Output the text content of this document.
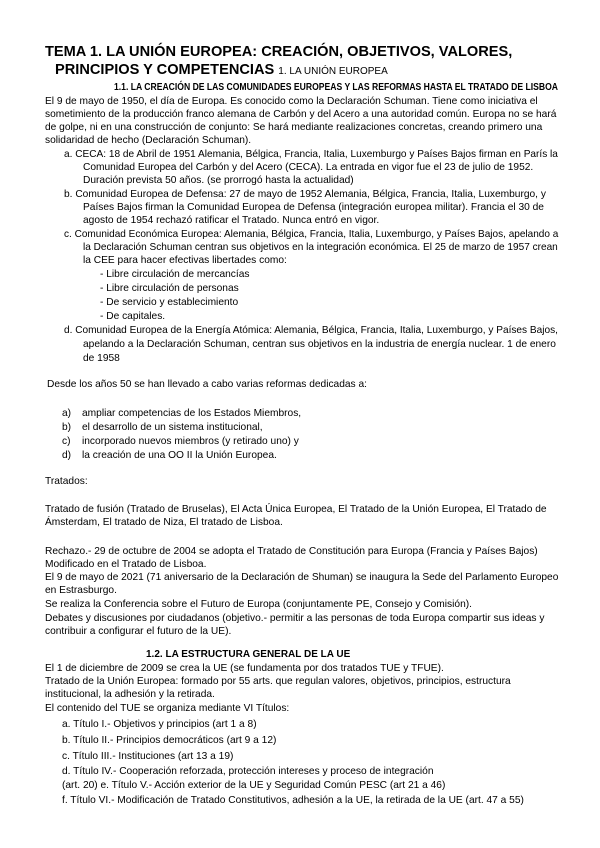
TEMA 1. LA UNIÓN EUROPEA: CREACIÓN, OBJETIVOS, VALORES,
PRINCIPIOS Y COMPETENCIAS 1. LA UNIÓN EUROPEA
1.1. LA CREACIÓN DE LAS COMUNIDADES EUROPEAS Y LAS REFORMAS HASTA EL TRATADO DE LISBOA
El 9 de mayo de 1950, el día de Europa. Es conocido como la Declaración Schuman. Tiene como iniciativa el
sometimiento de la producción franco alemana de Carbón y del Acero a una autoridad común. Europa no se hará
de golpe, ni en una construcción de conjunto: Se hará mediante realizaciones concretas, creando primero una
solidaridad de hecho (Declaración Schuman).
a. CECA: 18 de Abril de 1951 Alemania, Bélgica, Francia, Italia, Luxemburgo y Países Bajos firman en París la
Comunidad Europea del Carbón y del Acero (CECA). La entrada en vigor fue el 23 de julio de 1952.
Duración prevista 50 años. (se prorrogó hasta la actualidad)
b. Comunidad Europea de Defensa: 27 de mayo de 1952 Alemania, Bélgica, Francia, Italia, Luxemburgo, y
Países Bajos firman la Comunidad Europea de Defensa (integración europea militar). Francia el 30 de
agosto de 1954 rechazó ratificar el Tratado. Nunca entró en vigor.
c. Comunidad Económica Europea: Alemania, Bélgica, Francia, Italia, Luxemburgo, y Países Bajos, apelando a
la Declaración Schuman centran sus objetivos en la integración económica. El 25 de marzo de 1957 crean
la CEE para hacer efectivas libertades como:
- Libre circulación de mercancías
- Libre circulación de personas
- De servicio y establecimiento
- De capitales.
d. Comunidad Europea de la Energía Atómica: Alemania, Bélgica, Francia, Italia, Luxemburgo, y Países Bajos,
apelando a la Declaración Schuman, centran sus objetivos en la industria de energía nuclear. 1 de enero
de 1958
Desde los años 50 se han llevado a cabo varias reformas dedicadas a:
a) ampliar competencias de los Estados Miembros,
b) el desarrollo de un sistema institucional,
c) incorporado nuevos miembros (y retirado uno) y
d) la creación de una OO II la Unión Europea.
Tratados:
Tratado de fusión (Tratado de Bruselas), El Acta Única Europea, El Tratado de la Unión Europea, El Tratado de
Ámsterdam, El tratado de Niza, El tratado de Lisboa.
Rechazo.- 29 de octubre de 2004 se adopta el Tratado de Constitución para Europa (Francia y Países Bajos)
Modificado en el Tratado de Lisboa.
El 9 de mayo de 2021 (71 aniversario de la Declaración de Shuman) se inaugura la Sede del Parlamento Europeo
en Estrasburgo.
Se realiza la Conferencia sobre el Futuro de Europa (conjuntamente PE, Consejo y Comisión).
Debates y discusiones por ciudadanos (objetivo.- permitir a las personas de toda Europa compartir sus ideas y
contribuir a configurar el futuro de la UE).
1.2. LA ESTRUCTURA GENERAL DE LA UE
El 1 de diciembre de 2009 se crea la UE (se fundamenta por dos tratados TUE y TFUE).
Tratado de la Unión Europea: formado por 55 arts. que regulan valores, objetivos, principios, estructura
institucional, la adhesión y la retirada.
El contenido del TUE se organiza mediante VI Títulos:
a. Título I.- Objetivos y principios (art 1 a 8)
b. Título II.- Principios democráticos (art 9 a 12)
c. Título III.- Instituciones (art 13 a 19)
d. Título IV.- Cooperación reforzada, protección intereses y proceso de integración
(art. 20) e. Título V.- Acción exterior de la UE y Seguridad Común PESC (art 21 a 46)
f. Título VI.- Modificación de Tratado Constitutivos, adhesión a la UE, la retirada de la UE (art. 47 a 55)
